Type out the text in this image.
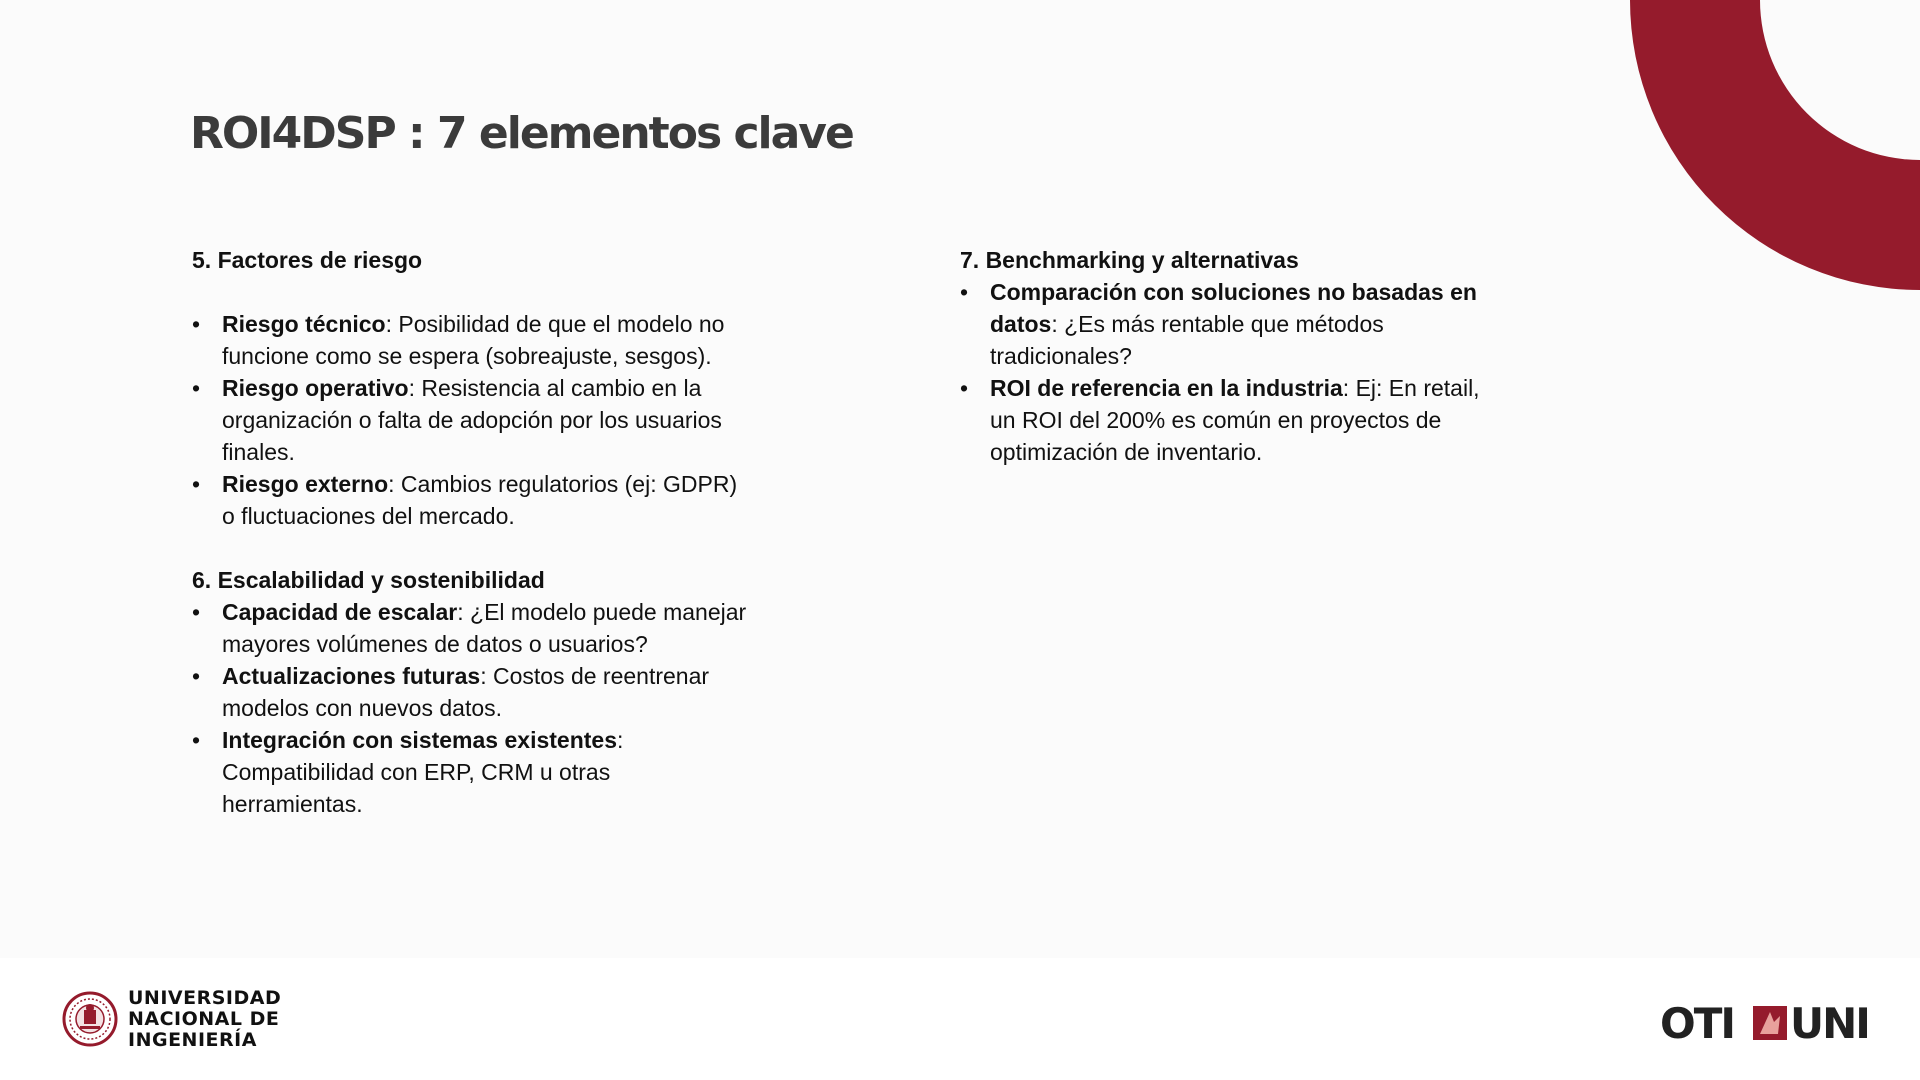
ROI4DSP : 7 elementos clave

5. Factores de riesgo

• Riesgo técnico: Posibilidad de que el modelo no funcione como se espera (sobreajuste, sesgos).
• Riesgo operativo: Resistencia al cambio en la organización o falta de adopción por los usuarios finales.
• Riesgo externo: Cambios regulatorios (ej: GDPR) o fluctuaciones del mercado.

6. Escalabilidad y sostenibilidad

• Capacidad de escalar: ¿El modelo puede manejar mayores volúmenes de datos o usuarios?
• Actualizaciones futuras: Costos de reentrenar modelos con nuevos datos.
• Integración con sistemas existentes: Compatibilidad con ERP, CRM u otras herramientas.

7. Benchmarking y alternativas

• Comparación con soluciones no basadas en datos: ¿Es más rentable que métodos tradicionales?
• ROI de referencia en la industria: Ej: En retail, un ROI del 200% es común en proyectos de optimización de inventario.
UNIVERSIDAD
NACIONAL DE
INGENIERÍA	OTI UNI
